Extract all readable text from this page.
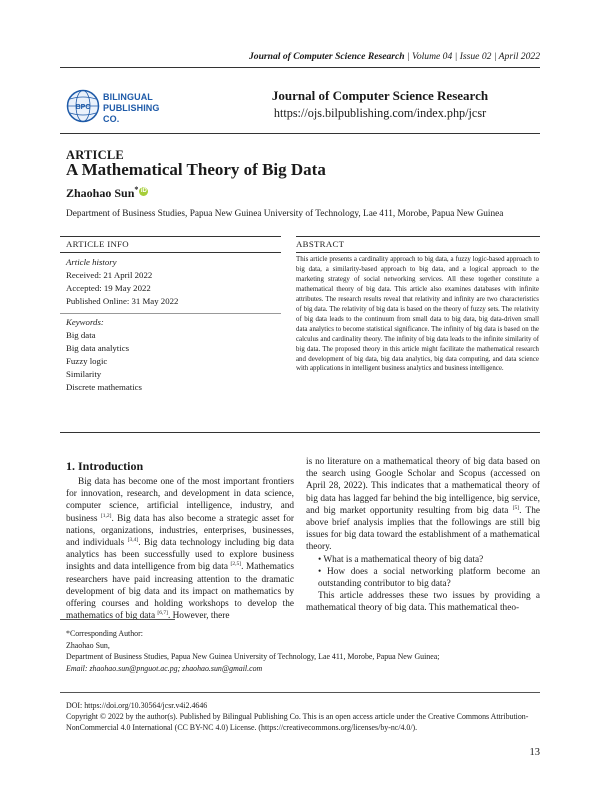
Journal of Computer Science Research | Volume 04 | Issue 02 | April 2022
BPC
BILINGUAL
PUBLISHING CO.
Journal of Computer Science Research
https://ojs.bilpublishing.com/index.php/jcsr
ARTICLE
A Mathematical Theory of Big Data
Zhaohao Sun* iD
Department of Business Studies, Papua New Guinea University of Technology, Lae 411, Morobe, Papua New Guinea
ARTICLE INFO	ABSTRACT
Article history
Received: 21 April 2022
Accepted: 19 May 2022
Published Online: 31 May 2022
Keywords:
Big data
Big data analytics
Fuzzy logic
Similarity
Discrete mathematics
This article presents a cardinality approach to big data, a fuzzy logic-based approach to big data, a similarity-based approach to big data, and a logical approach to the marketing strategy of social networking services. All these together constitute a mathematical theory of big data. This article also examines databases with infinite attributes. The research results reveal that relativity and infinity are two characteristics of big data. The relativity of big data is based on the theory of fuzzy sets. The relativity of big data leads to the continuum from small data to big data, big data-driven small data analytics to become statistical significance. The infinity of big data is based on the calculus and cardinality theory. The infinity of big data leads to the infinite similarity of big data. The proposed theory in this article might facilitate the mathematical research and development of big data, big data analytics, big data computing, and data science with applications in intelligent business analytics and business intelligence.
1. Introduction

Big data has become one of the most important frontiers for innovation, research, and development in data science, computer science, artificial intelligence, industry, and business [1,2]. Big data has also become a strategic asset for nations, organizations, industries, enterprises, businesses, and individuals [3,4]. Big data technology including big data analytics has been successfully used to explore business insights and data intelligence from big data [2,5]. Mathematics researchers have paid increasing attention to the dramatic development of big data and its impact on mathematics by offering courses and holding workshops to develop the mathematics of big data [6,7]. However, there

is no literature on a mathematical theory of big data based on the search using Google Scholar and Scopus (accessed on April 28, 2022). This indicates that a mathematical theory of big data has lagged far behind the big intelligence, big service, and big market opportunity resulting from big data [5]. The above brief analysis implies that the followings are still big issues for big data toward the establishment of a mathematical theory.

• What is a mathematical theory of big data?

• How does a social networking platform become an outstanding contributor to big data?

This article addresses these two issues by providing a mathematical theory of big data. This mathematical theo-

*Corresponding Author:
Zhaohao Sun,
Department of Business Studies, Papua New Guinea University of Technology, Lae 411, Morobe, Papua New Guinea;
Email: zhaohao.sun@pnguot.ac.pg; zhaohao.sun@gmail.com
DOI: https://doi.org/10.30564/jcsr.v4i2.4646
Copyright © 2022 by the author(s). Published by Bilingual Publishing Co. This is an open access article under the Creative Commons Attribution-NonCommercial 4.0 International (CC BY-NC 4.0) License. (https://creativecommons.org/licenses/by-nc/4.0/).
13
